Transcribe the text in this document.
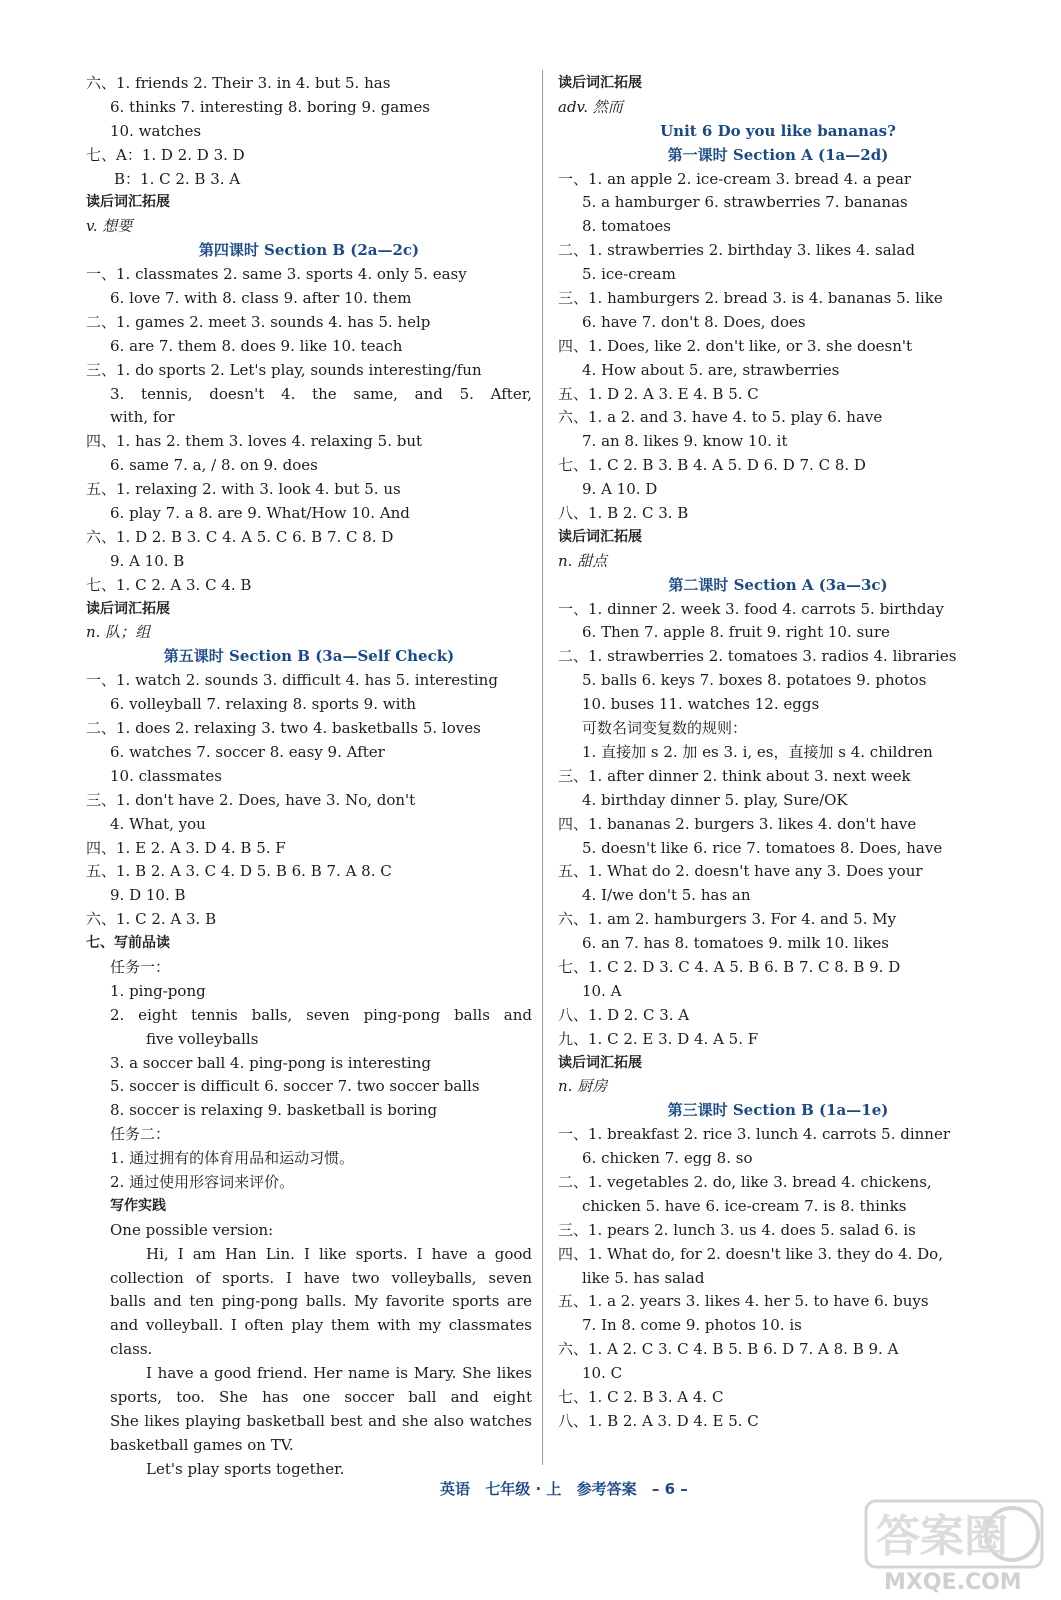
六、1. friends 2. Their 3. in 4. but 5. has
6. thinks 7. interesting 8. boring 9. games
10. watches
七、A：1. D 2. D 3. D
B：1. C 2. B 3. A
读后词汇拓展
v. 想要
第四课时 Section B (2a—2c)
一、1. classmates 2. same 3. sports 4. only 5. easy
6. love 7. with 8. class 9. after 10. them
二、1. games 2. meet 3. sounds 4. has 5. help
6. are 7. them 8. does 9. like 10. teach
三、1. do sports 2. Let's play, sounds interesting/fun
3. tennis, doesn't 4. the same, and 5. After,
with, for
四、1. has 2. them 3. loves 4. relaxing 5. but
6. same 7. a, / 8. on 9. does
五、1. relaxing 2. with 3. look 4. but 5. us
6. play 7. a 8. are 9. What/How 10. And
六、1. D 2. B 3. C 4. A 5. C 6. B 7. C 8. D
9. A 10. B
七、1. C 2. A 3. C 4. B
读后词汇拓展
n. 队；组
第五课时 Section B (3a—Self Check)
一、1. watch 2. sounds 3. difficult 4. has 5. interesting
6. volleyball 7. relaxing 8. sports 9. with
二、1. does 2. relaxing 3. two 4. basketballs 5. loves
6. watches 7. soccer 8. easy 9. After
10. classmates
三、1. don't have 2. Does, have 3. No, don't
4. What, you
四、1. E 2. A 3. D 4. B 5. F
五、1. B 2. A 3. C 4. D 5. B 6. B 7. A 8. C
9. D 10. B
六、1. C 2. A 3. B
七、写前品读
任务一：
1. ping-pong
2. eight tennis balls, seven ping-pong balls and
five volleyballs
3. a soccer ball 4. ping-pong is interesting
5. soccer is difficult 6. soccer 7. two soccer balls
8. soccer is relaxing 9. basketball is boring
任务二：
1. 通过拥有的体育用品和运动习惯。
2. 通过使用形容词来评价。
写作实践
One possible version:
Hi, I am Han Lin. I like sports. I have a good
collection of sports. I have two volleyballs, seven
balls and ten ping-pong balls. My favorite sports are
and volleyball. I often play them with my classmates
class.
I have a good friend. Her name is Mary. She likes
sports, too. She has one soccer ball and eight
She likes playing basketball best and she also watches
basketball games on TV.
Let's play sports together.
读后词汇拓展
adv. 然而
Unit 6 Do you like bananas?
第一课时 Section A (1a—2d)
一、1. an apple 2. ice-cream 3. bread 4. a pear
5. a hamburger 6. strawberries 7. bananas
8. tomatoes
二、1. strawberries 2. birthday 3. likes 4. salad
5. ice-cream
三、1. hamburgers 2. bread 3. is 4. bananas 5. like
6. have 7. don't 8. Does, does
四、1. Does, like 2. don't like, or 3. she doesn't
4. How about 5. are, strawberries
五、1. D 2. A 3. E 4. B 5. C
六、1. a 2. and 3. have 4. to 5. play 6. have
7. an 8. likes 9. know 10. it
七、1. C 2. B 3. B 4. A 5. D 6. D 7. C 8. D
9. A 10. D
八、1. B 2. C 3. B
读后词汇拓展
n. 甜点
第二课时 Section A (3a—3c)
一、1. dinner 2. week 3. food 4. carrots 5. birthday
6. Then 7. apple 8. fruit 9. right 10. sure
二、1. strawberries 2. tomatoes 3. radios 4. libraries
5. balls 6. keys 7. boxes 8. potatoes 9. photos
10. buses 11. watches 12. eggs
可数名词变复数的规则：
1. 直接加 s 2. 加 es 3. i, es，直接加 s 4. children
三、1. after dinner 2. think about 3. next week
4. birthday dinner 5. play, Sure/OK
四、1. bananas 2. burgers 3. likes 4. don't have
5. doesn't like 6. rice 7. tomatoes 8. Does, have
五、1. What do 2. doesn't have any 3. Does your
4. I/we don't 5. has an
六、1. am 2. hamburgers 3. For 4. and 5. My
6. an 7. has 8. tomatoes 9. milk 10. likes
七、1. C 2. D 3. C 4. A 5. B 6. B 7. C 8. B 9. D
10. A
八、1. D 2. C 3. A
九、1. C 2. E 3. D 4. A 5. F
读后词汇拓展
n. 厨房
第三课时 Section B (1a—1e)
一、1. breakfast 2. rice 3. lunch 4. carrots 5. dinner
6. chicken 7. egg 8. so
二、1. vegetables 2. do, like 3. bread 4. chickens,
chicken 5. have 6. ice-cream 7. is 8. thinks
三、1. pears 2. lunch 3. us 4. does 5. salad 6. is
四、1. What do, for 2. doesn't like 3. they do 4. Do,
like 5. has salad
五、1. a 2. years 3. likes 4. her 5. to have 6. buys
7. In 8. come 9. photos 10. is
六、1. A 2. C 3. C 4. B 5. B 6. D 7. A 8. B 9. A
10. C
七、1. C 2. B 3. A 4. C
八、1. B 2. A 3. D 4. E 5. C
英语 七年级 · 上 参考答案 – 6 –
答案圈
MXQE.COM
